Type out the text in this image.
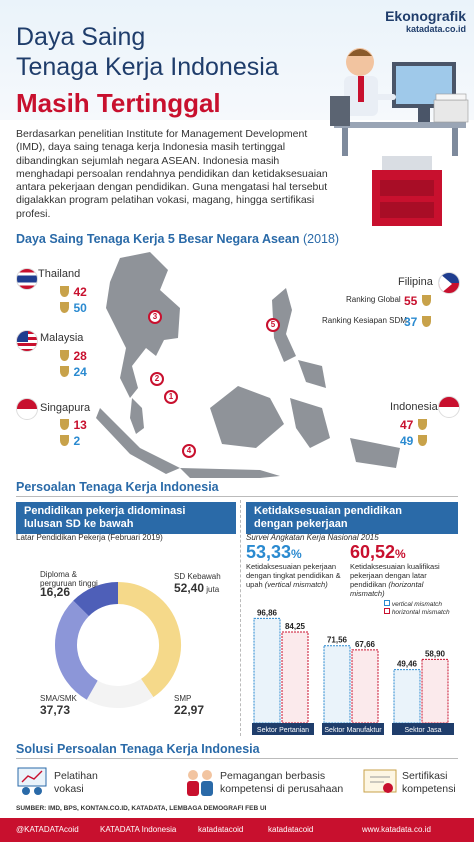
Ekonografik
katadata.co.id
Daya Saing
Tenaga Kerja Indonesia
Masih Tertinggal
Berdasarkan penelitian Institute for Management Development (IMD), daya saing tenaga kerja Indonesia masih tertinggal dibandingkan sejumlah negara ASEAN. Indonesia masih menghadapi persoalan rendahnya pendidikan dan ketidaksesuaian antara pekerjaan dengan pendidikan. Guna mengatasi hal tersebut digalakkan program pelatihan vokasi, magang, hingga sertifikasi profesi.
Daya Saing Tenaga Kerja 5 Besar Negara Asean (2018)
3
2
1
5
4
Thailand
42
50
Malaysia
28
24
Singapura
13
2
Filipina
Ranking Global 55
Ranking Kesiapan SDM
37
Indonesia
47
49
Persoalan Tenaga Kerja Indonesia
Pendidikan pekerja didominasi
lulusan SD ke bawah
Latar Pendidikan Pekerja (Februari 2019)
Diploma & perguruan tinggi
16,26
SD Kebawah
52,40 juta
SMA/SMK
37,73
SMP
22,97
Ketidaksesuaian pendidikan
dengan pekerjaan
Survei Angkatan Kerja Nasional 2015
53,33%
Ketidaksesuaian pekerjaan dengan tingkat pendidikan & upah (vertical mismatch)
60,52%
Ketidaksesuaian kualifikasi pekerjaan dengan latar pendidikan (horizontal mismatch)
vertical mismatch
horizontal mismatch
96,86
84,25
Sektor Pertanian
71,56 67,66
Sektor Manufaktur
49,46
58,90
Sektor Jasa
Solusi Persoalan Tenaga Kerja Indonesia
Pelatihan
vokasi
Pemagangan berbasis
kompetensi di perusahaan
Sertifikasi
kompetensi
SUMBER: IMD, BPS, KONTAN.CO.ID, KATADATA, LEMBAGA DEMOGRAFI FEB UI
@KATADATAcoid	KATADATA Indonesia	katadatacoid	katadatacoid	www.katadata.co.id
